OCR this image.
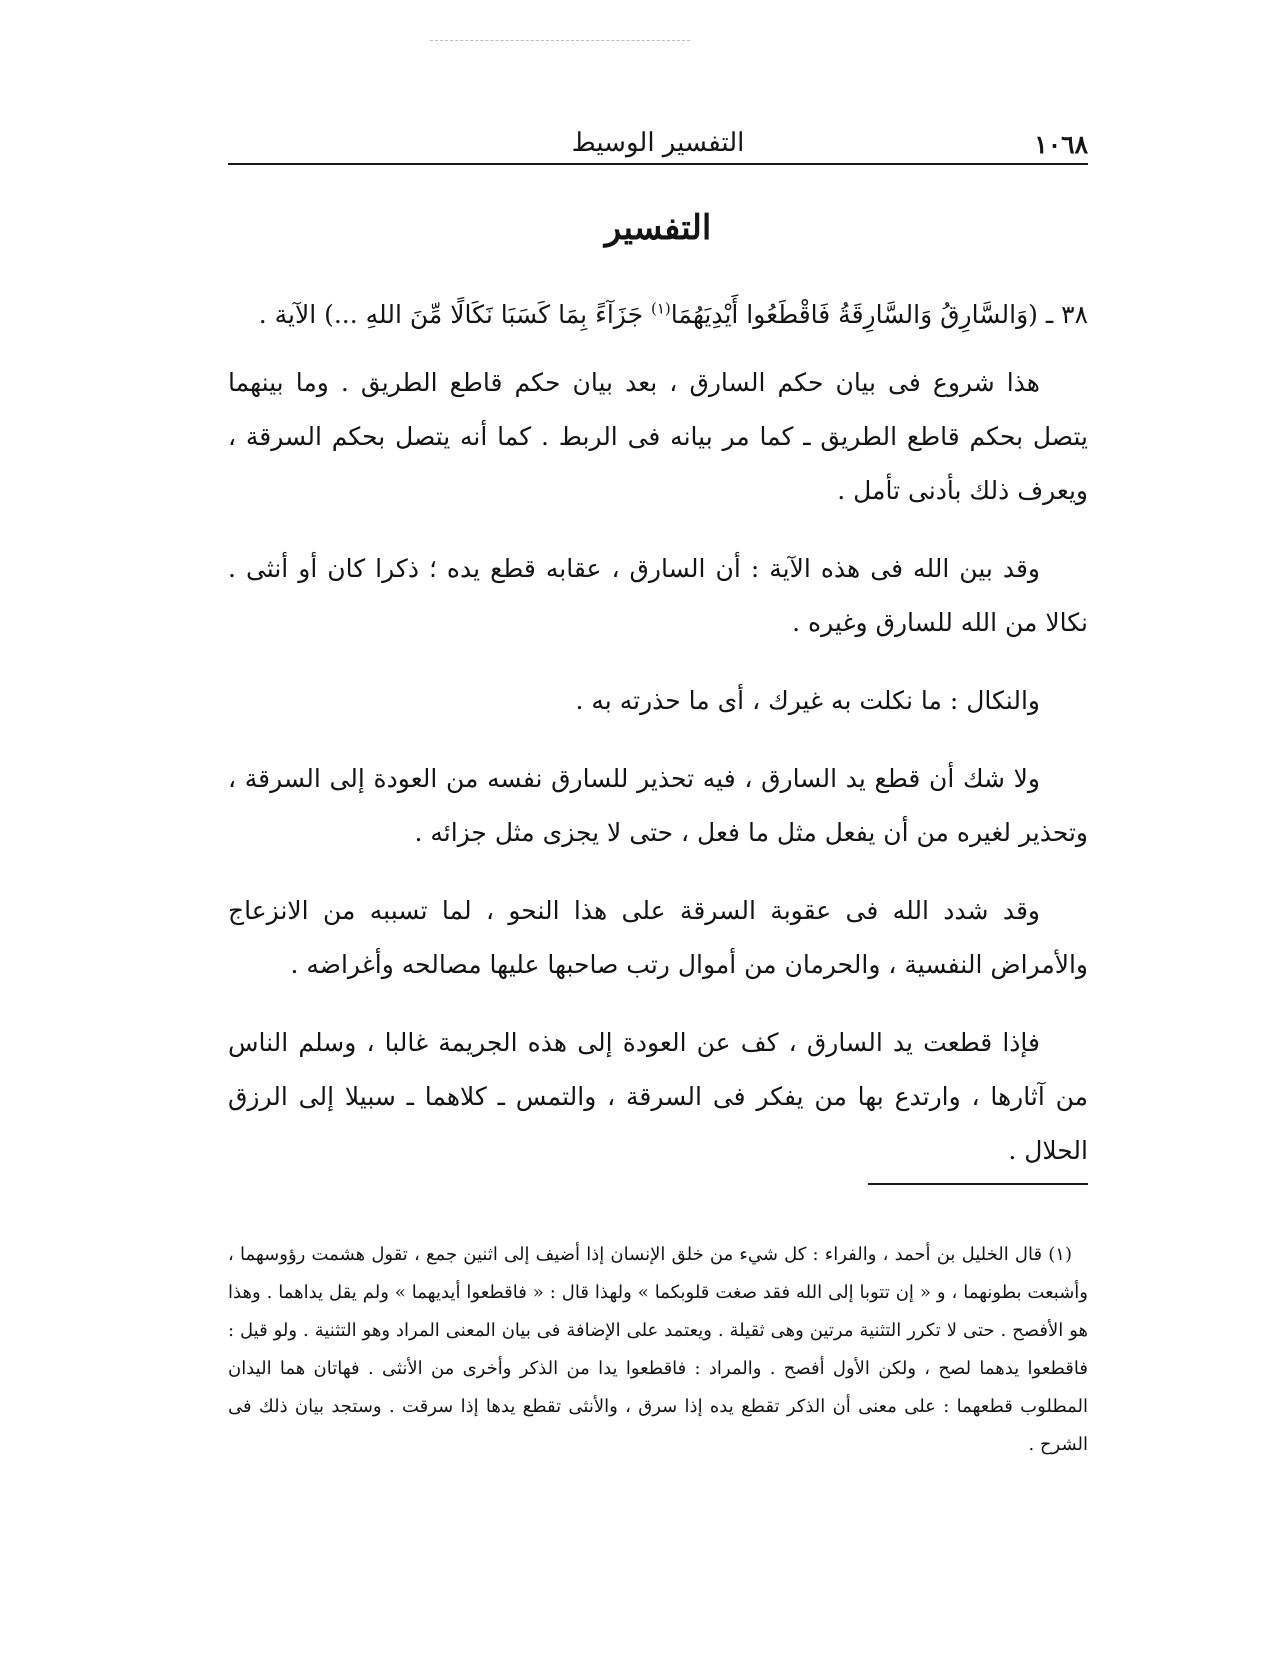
١٠٦٨
التفسير الوسيط
التفسير

٣٨ ـ (وَالسَّارِقُ وَالسَّارِقَةُ فَاقْطَعُوا أَيْدِيَهُمَا$^{(١)}$ جَزَآءً بِمَا كَسَبَا نَكَالًا مِّنَ اللهِ ...) الآية .

هذا شروع فى بيان حكم السارق ، بعد بيان حكم قاطع الطريق . وما بينهما يتصل بحكم قاطع الطريق ـ كما مر بيانه فى الربط . كما أنه يتصل بحكم السرقة ، ويعرف ذلك بأدنى تأمل .

وقد بين الله فى هذه الآية : أن السارق ، عقابه قطع يده ؛ ذكرا كان أو أنثى . نكالا من الله للسارق وغيره .

والنكال : ما نكلت به غيرك ، أى ما حذرته به .

ولا شك أن قطع يد السارق ، فيه تحذير للسارق نفسه من العودة إلى السرقة ، وتحذير لغيره من أن يفعل مثل ما فعل ، حتى لا يجزى مثل جزائه .

وقد شدد الله فى عقوبة السرقة على هذا النحو ، لما تسببه من الانزعاج والأمراض النفسية ، والحرمان من أموال رتب صاحبها عليها مصالحه وأغراضه .

فإذا قطعت يد السارق ، كف عن العودة إلى هذه الجريمة غالبا ، وسلم الناس من آثارها ، وارتدع بها من يفكر فى السرقة ، والتمس ـ كلاهما ـ سبيلا إلى الرزق الحلال .

(١) قال الخليل بن أحمد ، والفراء : كل شيء من خلق الإنسان إذا أضيف إلى اثنين جمع ، تقول هشمت رؤوسهما ، وأشبعت بطونهما ، و « إن تتوبا إلى الله فقد صغت قلوبكما » ولهذا قال : « فاقطعوا أيديهما » ولم يقل يداهما . وهذا هو الأفصح . حتى لا تكرر التثنية مرتين وهى ثقيلة . ويعتمد على الإضافة فى بيان المعنى المراد وهو التثنية . ولو قيل : فاقطعوا يدهما لصح ، ولكن الأول أفصح . والمراد : فاقطعوا يدا من الذكر وأخرى من الأنثى . فهاتان هما اليدان المطلوب قطعهما : على معنى أن الذكر تقطع يده إذا سرق ، والأنثى تقطع يدها إذا سرقت . وستجد بيان ذلك فى الشرح .
